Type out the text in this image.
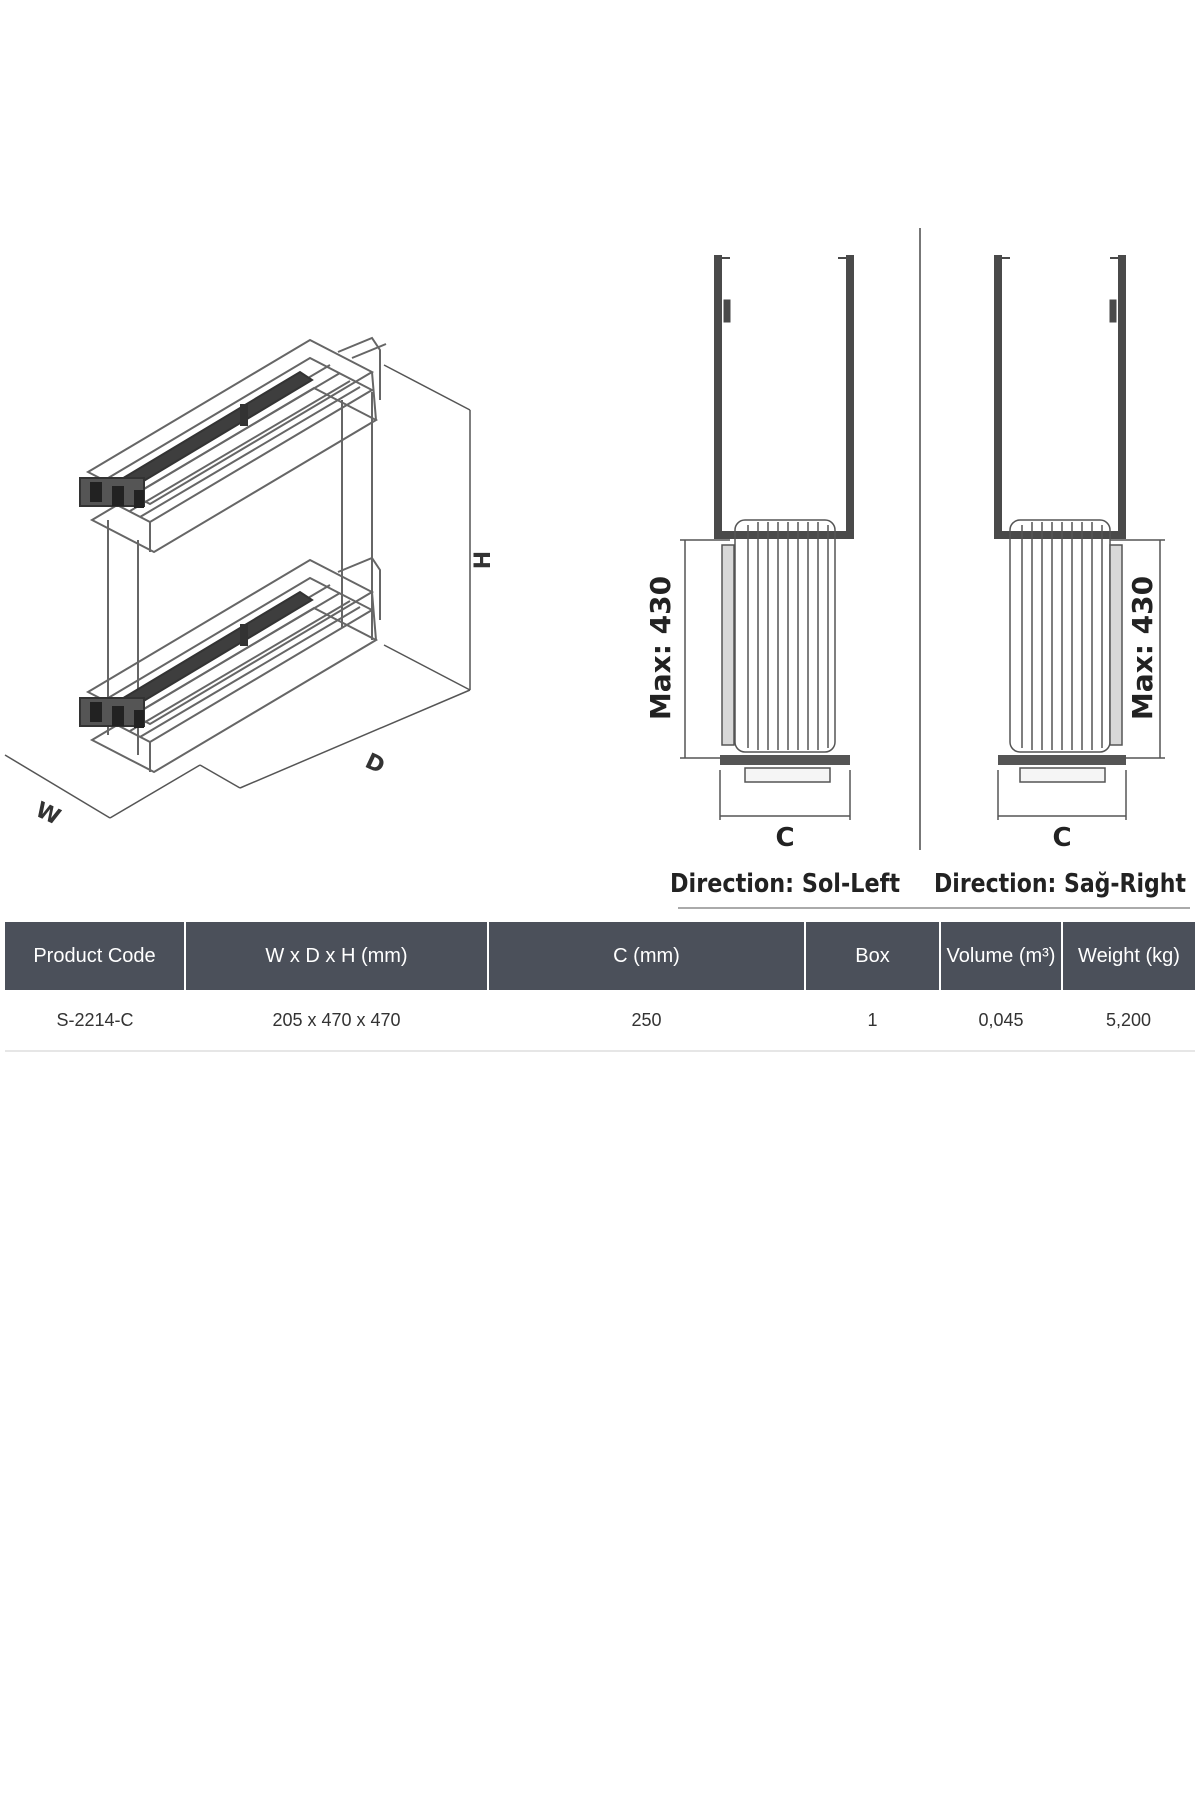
H
D
W
Max: 430
C
Direction: Sol-Left
Max: 430
C
Direction: Sağ-Right
Product Code	W x D x H (mm)	C (mm)	Box	Volume (m³)	Weight (kg)
S-2214-C	205 x 470 x 470	250	1	0,045	5,200
